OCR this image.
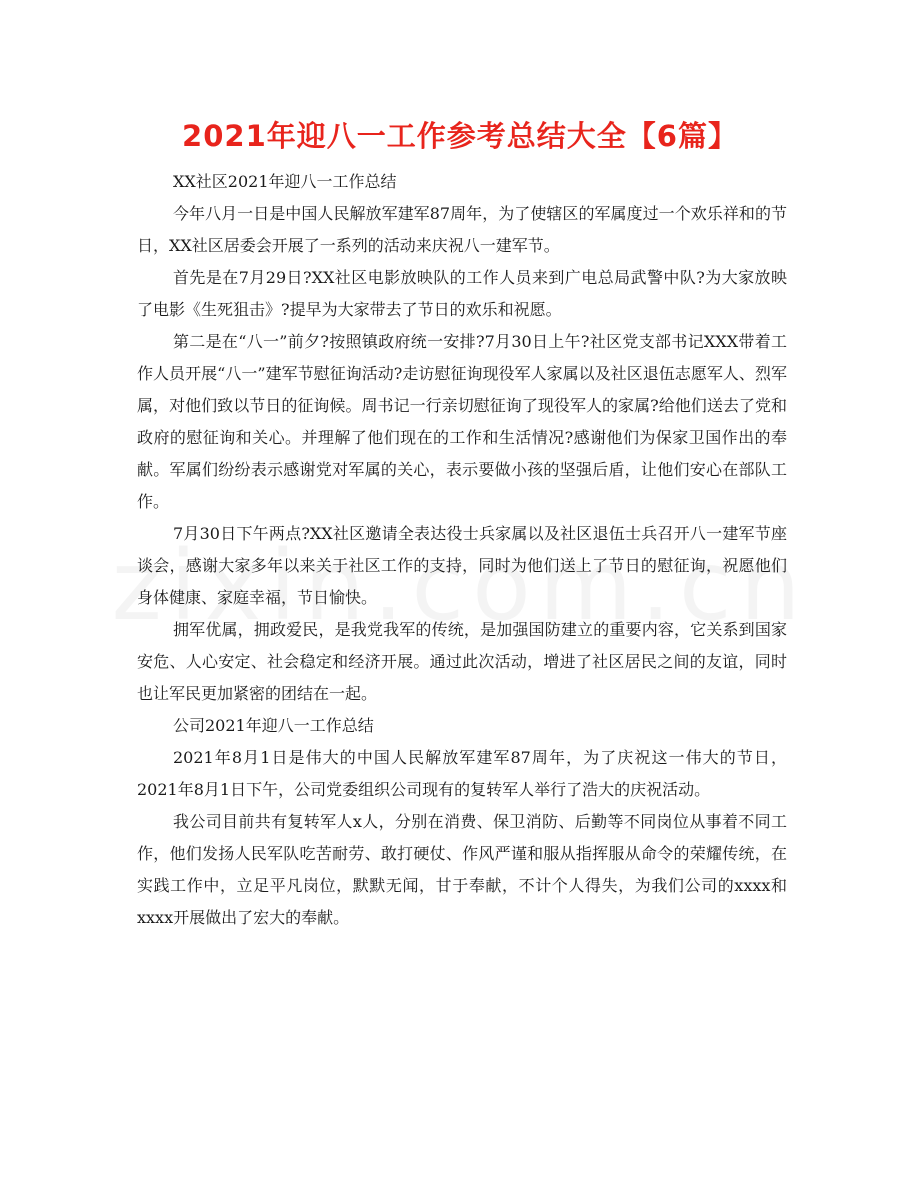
2021年迎八一工作参考总结大全【6篇】

XX社区2021年迎八一工作总结

今年八月一日是中国人民解放军建军87周年，为了使辖区的军属度过一个欢乐祥和的节日，XX社区居委会开展了一系列的活动来庆祝八一建军节。

首先是在7月29日?XX社区电影放映队的工作人员来到广电总局武警中队?为大家放映了电影《生死狙击》?提早为大家带去了节日的欢乐和祝愿。

第二是在“八一”前夕?按照镇政府统一安排?7月30日上午?社区党支部书记XXX带着工作人员开展“八一”建军节慰征询活动?走访慰征询现役军人家属以及社区退伍志愿军人、烈军属，对他们致以节日的征询候。周书记一行亲切慰征询了现役军人的家属?给他们送去了党和政府的慰征询和关心。并理解了他们现在的工作和生活情况?感谢他们为保家卫国作出的奉献。军属们纷纷表示感谢党对军属的关心，表示要做小孩的坚强后盾，让他们安心在部队工作。

7月30日下午两点?XX社区邀请全表达役士兵家属以及社区退伍士兵召开八一建军节座谈会，感谢大家多年以来关于社区工作的支持，同时为他们送上了节日的慰征询，祝愿他们身体健康、家庭幸福，节日愉快。

拥军优属，拥政爱民，是我党我军的传统，是加强国防建立的重要内容，它关系到国家安危、人心安定、社会稳定和经济开展。通过此次活动，增进了社区居民之间的友谊，同时也让军民更加紧密的团结在一起。

公司2021年迎八一工作总结

2021年8月1日是伟大的中国人民解放军建军87周年，为了庆祝这一伟大的节日，2021年8月1日下午，公司党委组织公司现有的复转军人举行了浩大的庆祝活动。

我公司目前共有复转军人x人，分别在消费、保卫消防、后勤等不同岗位从事着不同工作，他们发扬人民军队吃苦耐劳、敢打硬仗、作风严谨和服从指挥服从命令的荣耀传统，在实践工作中，立足平凡岗位，默默无闻，甘于奉献，不计个人得失，为我们公司的xxxx和xxxx开展做出了宏大的奉献。
